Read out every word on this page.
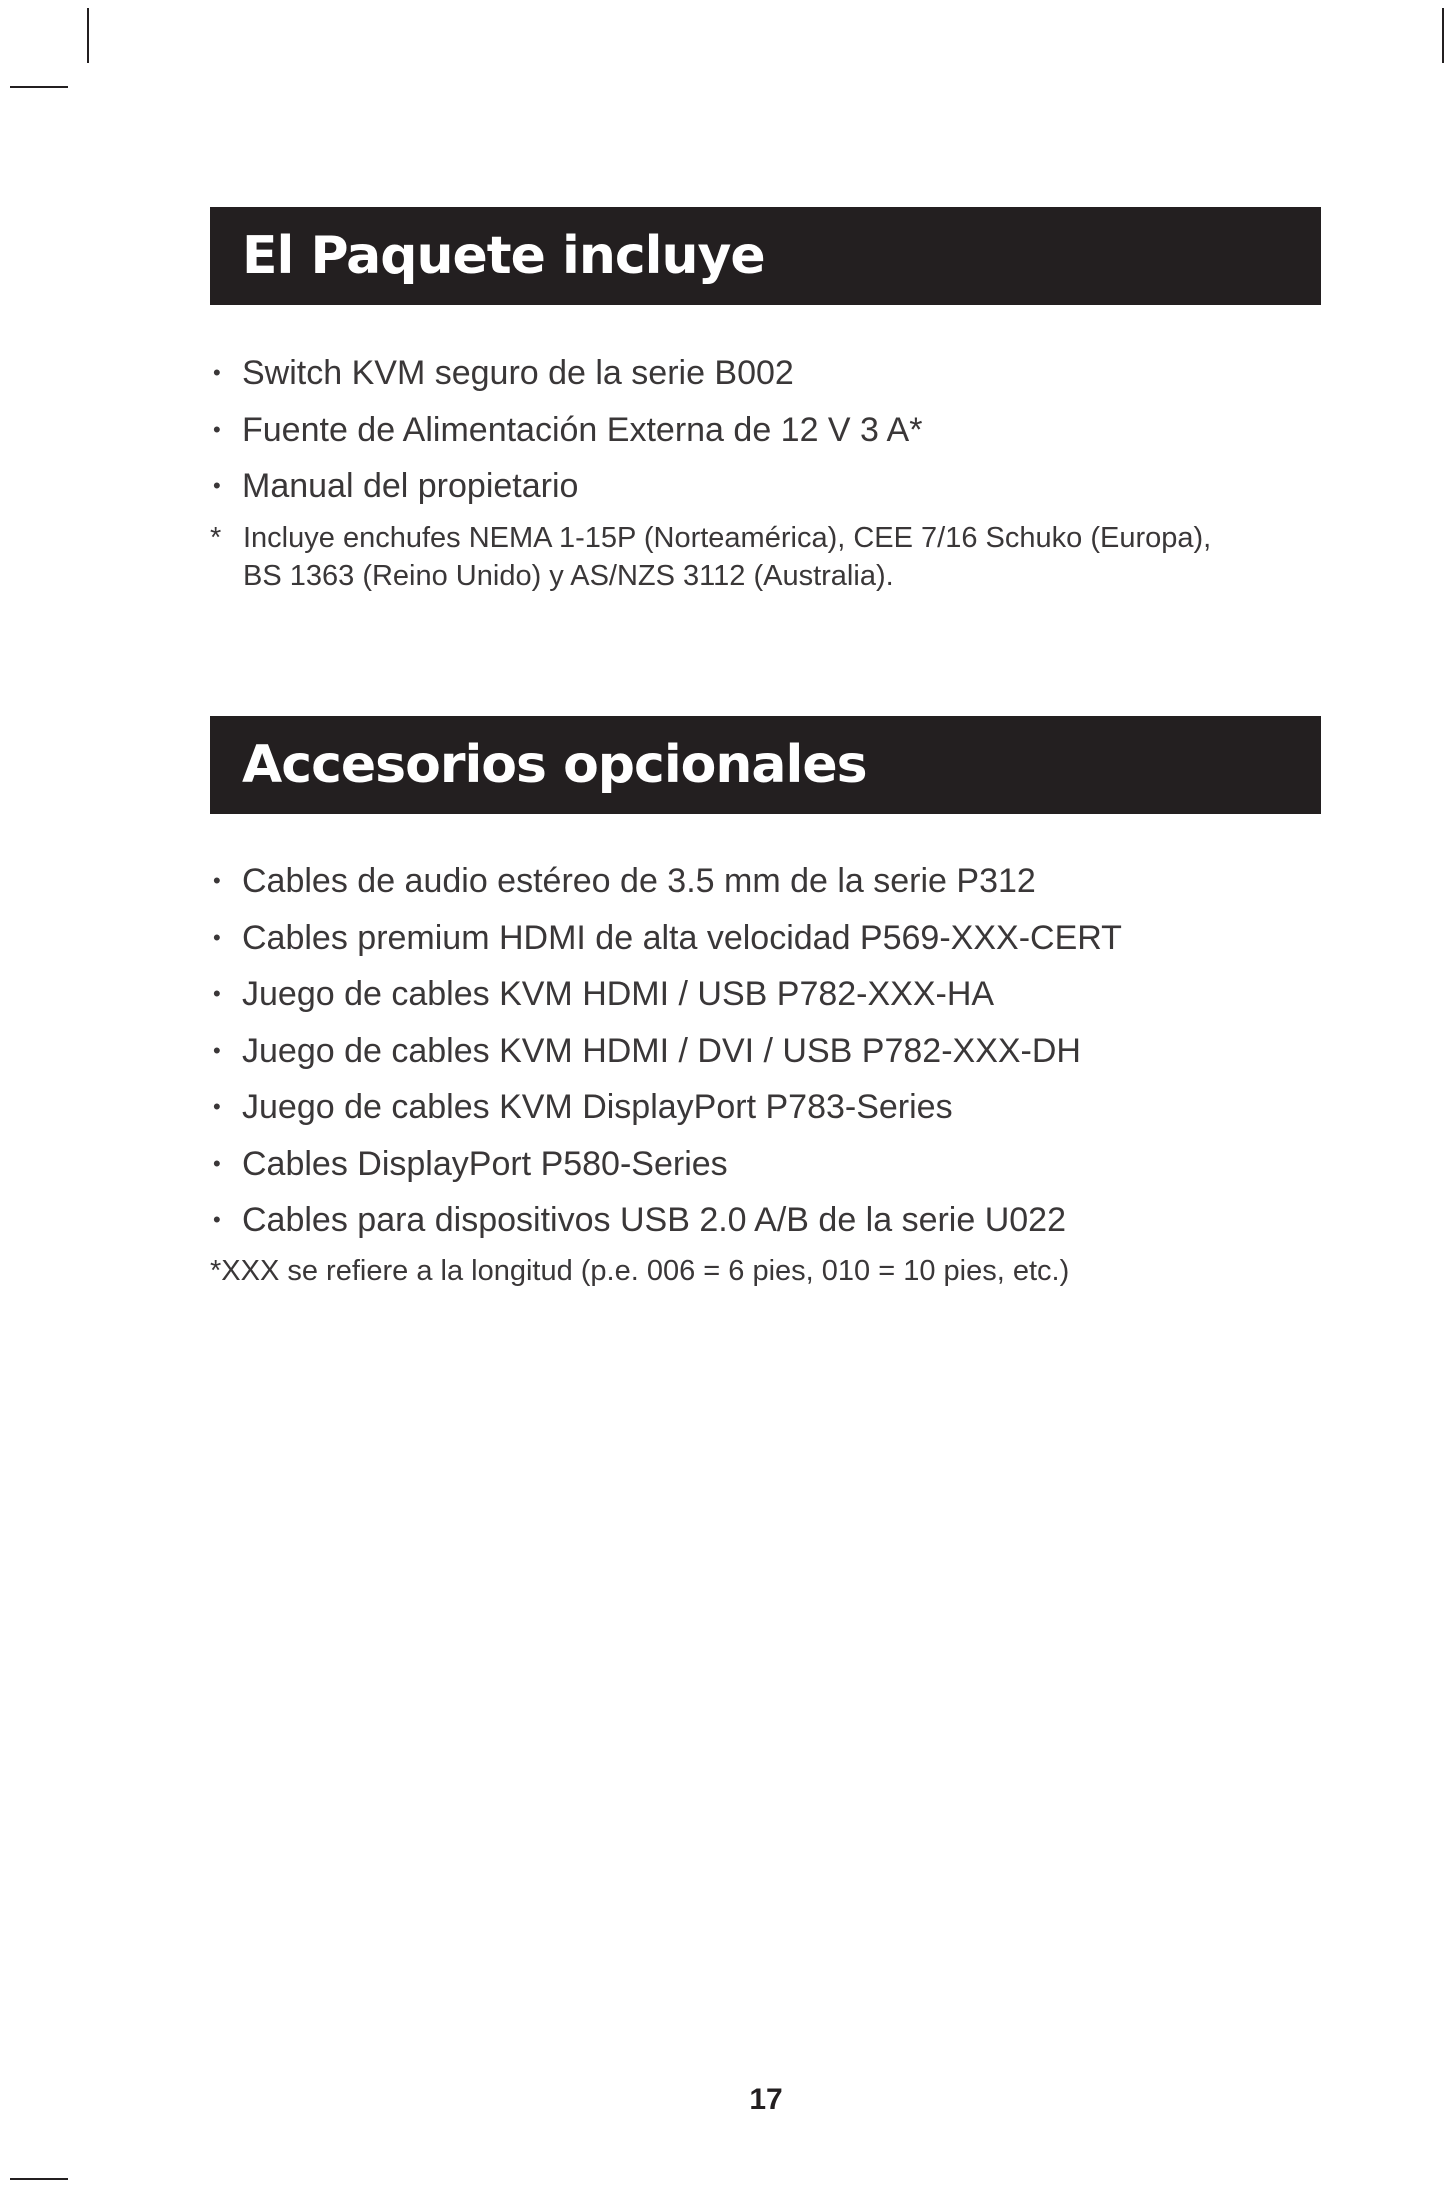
El Paquete incluye
• Switch KVM seguro de la serie B002
• Fuente de Alimentación Externa de 12 V 3 A*
• Manual del propietario
* Incluye enchufes NEMA 1-15P (Norteamérica), CEE 7/16 Schuko (Europa),
BS 1363 (Reino Unido) y AS/NZS 3112 (Australia).
Accesorios opcionales
• Cables de audio estéreo de 3.5 mm de la serie P312
• Cables premium HDMI de alta velocidad P569-XXX-CERT
• Juego de cables KVM HDMI / USB P782-XXX-HA
• Juego de cables KVM HDMI / DVI / USB P782-XXX-DH
• Juego de cables KVM DisplayPort P783-Series
• Cables DisplayPort P580-Series
• Cables para dispositivos USB 2.0 A/B de la serie U022
*XXX se refiere a la longitud (p.e. 006 = 6 pies, 010 = 10 pies, etc.)
17
